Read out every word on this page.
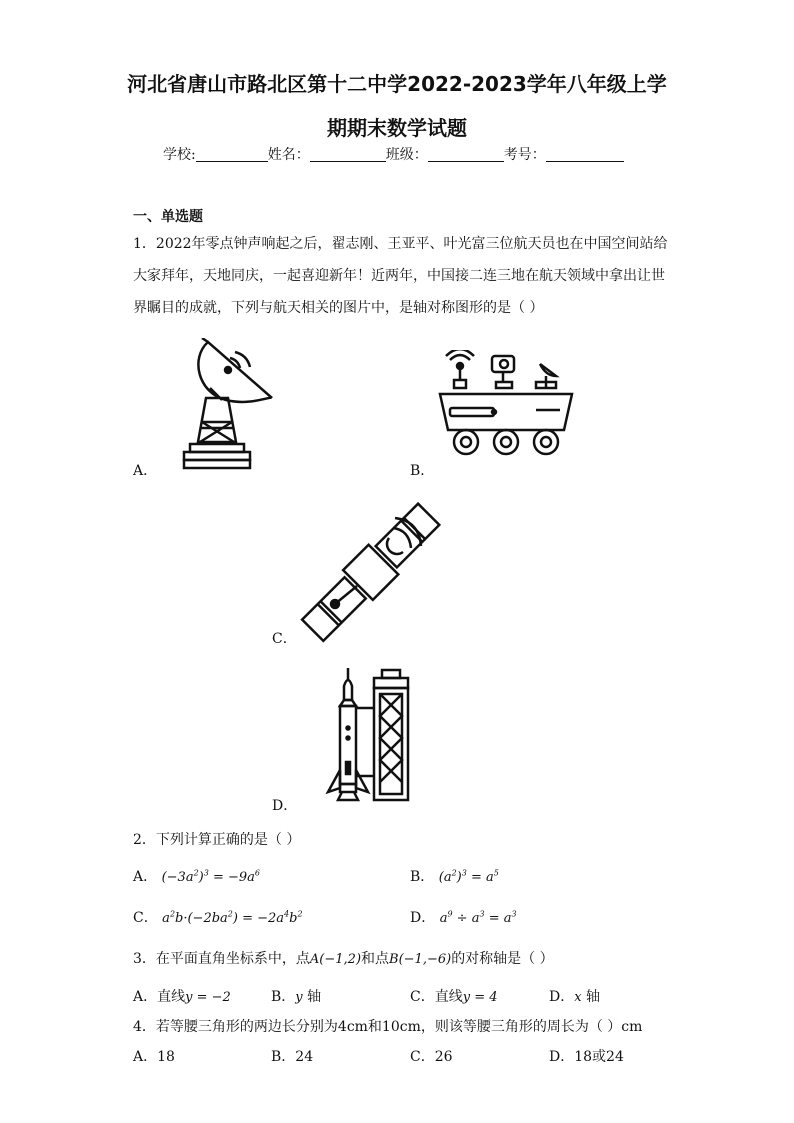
河北省唐山市路北区第十二中学2022-2023学年八年级上学
期期末数学试题
学校:	姓名：	班级：	考号：
一、单选题
1．2022年零点钟声响起之后，翟志刚、王亚平、叶光富三位航天员也在中国空间站给
大家拜年，天地同庆，一起喜迎新年！近两年，中国接二连三地在航天领域中拿出让世
界瞩目的成就，下列与航天相关的图片中，是轴对称图形的是（ ）
A．	B．
C．
D．
2．下列计算正确的是（ ）
A． $(-3a^2)^3 = -9a^6$	B． $(a^2)^3 = a^5$
C． $a^2b\cdot(-2ba^2) = -2a^4b^2$	D． $a^9 \div a^3 = a^3$
3．在平面直角坐标系中，点A(−1,2)和点B(−1,−6)的对称轴是（ ）
A．直线y = −2	B．y 轴	C．直线y = 4	D．x 轴
4．若等腰三角形的两边长分别为4cm和10cm，则该等腰三角形的周长为（ ）cm
A．18	B．24	C．26	D．18或24
